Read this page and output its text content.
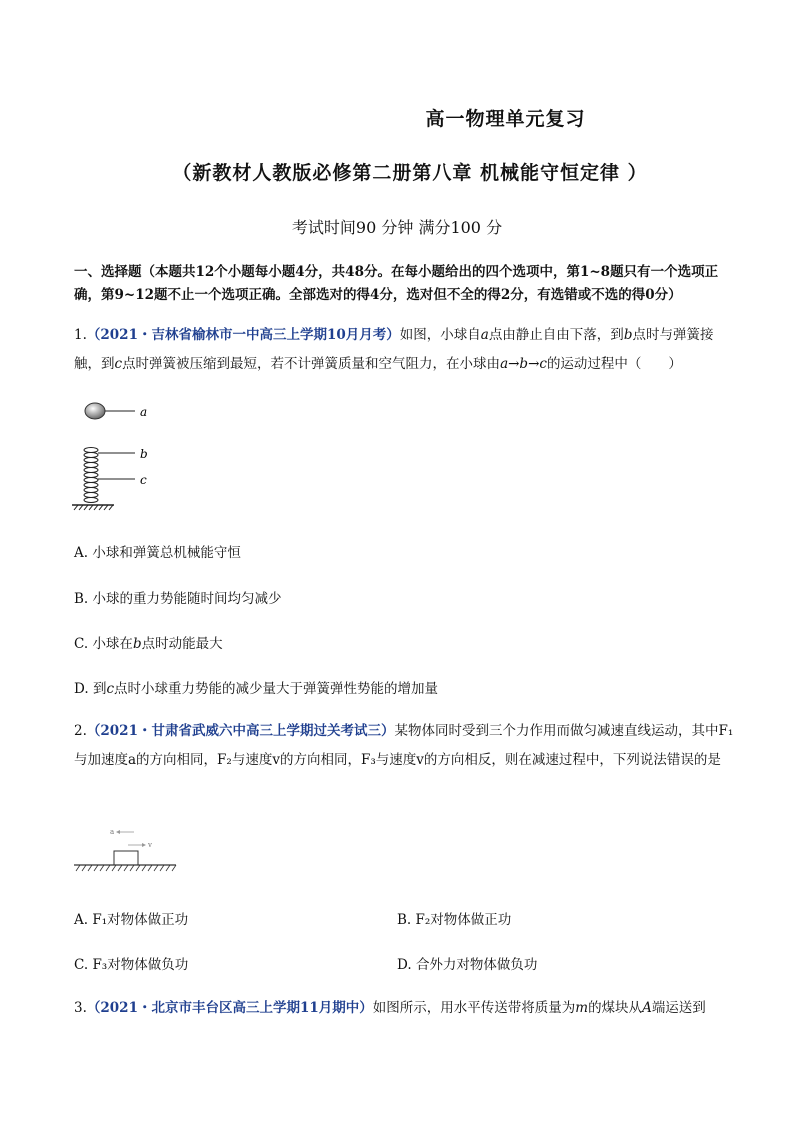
高一物理单元复习
（新教材人教版必修第二册第八章 机械能守恒定律 ）
考试时间90 分钟 满分100 分
一、选择题（本题共12个小题每小题4分，共48分。在每小题给出的四个选项中，第1~8题只有一个选项正确，第9~12题不止一个选项正确。全部选对的得4分，选对但不全的得2分，有选错或不选的得0分）
1.（2021・吉林省榆林市一中高三上学期10月月考）如图，小球自a点由静止自由下落，到b点时与弹簧接触，到c点时弹簧被压缩到最短，若不计弹簧质量和空气阻力，在小球由a→b→c的运动过程中（　　）
a
b
c
A. 小球和弹簧总机械能守恒
B. 小球的重力势能随时间均匀减少
C. 小球在b点时动能最大
D. 到c点时小球重力势能的减少量大于弹簧弹性势能的增加量
2.（2021・甘肃省武威六中高三上学期过关考试三）某物体同时受到三个力作用而做匀减速直线运动，其中F₁与加速度a的方向相同，F₂与速度v的方向相同，F₃与速度v的方向相反，则在减速过程中，下列说法错误的是
a
v
A. F₁对物体做正功	B. F₂对物体做正功
C. F₃对物体做负功	D. 合外力对物体做负功
3.（2021・北京市丰台区高三上学期11月期中）如图所示，用水平传送带将质量为m的煤块从A端运送到
